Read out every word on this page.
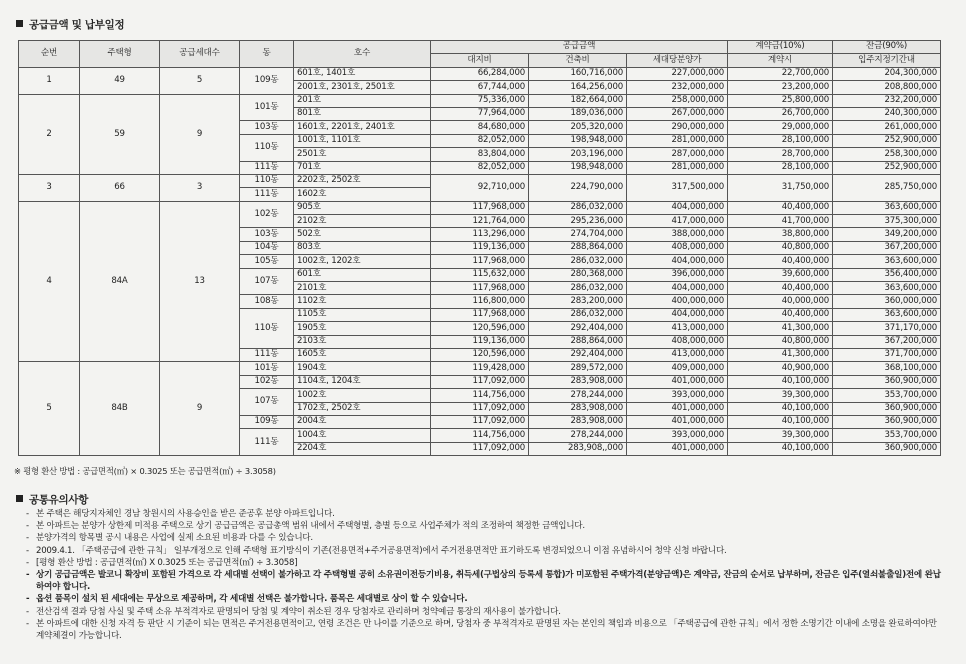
공급금액 및 납부일정
순번	주택형	공급세대수	동	호수	공급금액			계약금(10%)	잔금(90%)
					대지비	건축비	세대당분양가	계약시	입주지정기간내
1	49	5	109동	601호, 1401호	66,284,000	160,716,000	227,000,000	22,700,000	204,300,000
				2001호, 2301호, 2501호	67,744,000	164,256,000	232,000,000	23,200,000	208,800,000
2	59	9	101동	201호	75,336,000	182,664,000	258,000,000	25,800,000	232,200,000
				801호	77,964,000	189,036,000	267,000,000	26,700,000	240,300,000
			103동	1601호, 2201호, 2401호	84,680,000	205,320,000	290,000,000	29,000,000	261,000,000
			110동	1001호, 1101호	82,052,000	198,948,000	281,000,000	28,100,000	252,900,000
				2501호	83,804,000	203,196,000	287,000,000	28,700,000	258,300,000
			111동	701호	82,052,000	198,948,000	281,000,000	28,100,000	252,900,000
3	66	3	110동	2202호, 2502호	92,710,000	224,790,000	317,500,000	31,750,000	285,750,000
			111동	1602호					
4	84A	13	102동	905호	117,968,000	286,032,000	404,000,000	40,400,000	363,600,000
				2102호	121,764,000	295,236,000	417,000,000	41,700,000	375,300,000
			103동	502호	113,296,000	274,704,000	388,000,000	38,800,000	349,200,000
			104동	803호	119,136,000	288,864,000	408,000,000	40,800,000	367,200,000
			105동	1002호, 1202호	117,968,000	286,032,000	404,000,000	40,400,000	363,600,000
			107동	601호	115,632,000	280,368,000	396,000,000	39,600,000	356,400,000
				2101호	117,968,000	286,032,000	404,000,000	40,400,000	363,600,000
			108동	1102호	116,800,000	283,200,000	400,000,000	40,000,000	360,000,000
			110동	1105호	117,968,000	286,032,000	404,000,000	40,400,000	363,600,000
				1905호	120,596,000	292,404,000	413,000,000	41,300,000	371,170,000
				2103호	119,136,000	288,864,000	408,000,000	40,800,000	367,200,000
			111동	1605호	120,596,000	292,404,000	413,000,000	41,300,000	371,700,000
5	84B	9	101동	1904호	119,428,000	289,572,000	409,000,000	40,900,000	368,100,000
			102동	1104호, 1204호	117,092,000	283,908,000	401,000,000	40,100,000	360,900,000
			107동	1002호	114,756,000	278,244,000	393,000,000	39,300,000	353,700,000
				1702호, 2502호	117,092,000	283,908,000	401,000,000	40,100,000	360,900,000
			109동	2004호	117,092,000	283,908,000	401,000,000	40,100,000	360,900,000
			111동	1004호	114,756,000	278,244,000	393,000,000	39,300,000	353,700,000
				2204호	117,092,000	283,908,,000	401,000,000	40,100,000	360,900,000
※ 평형 환산 방법 : 공급면적(㎡) × 0.3025 또는 공급면적(㎡) ÷ 3.3058)
공통유의사항
- 본 주택은 해당지자체인 경남 창원시의 사용승인을 받은 준공후 분양 아파트입니다.
- 본 아파트는 분양가 상한제 미적용 주택으로 상기 공급금액은 공급총액 범위 내에서 주택형별, 층별 등으로 사업주체가 적의 조정하여 책정한 금액입니다.
- 분양가격의 항목별 공시 내용은 사업에 실제 소요된 비용과 다를 수 있습니다.
- 2009.4.1. 「주택공급에 관한 규칙」 일부개정으로 인해 주택형 표기방식이 기존(전용면적+주거공용면적)에서 주거전용면적만 표기하도록 변경되었으니 이점 유념하시어 청약 신청 바랍니다.
- [평형 환산 방법 : 공급면적(㎡) X 0.3025 또는 공급면적(㎡) ÷ 3.3058]
- 상기 공급금액은 발코니 확장비 포함된 가격으로 각 세대별 선택이 불가하고 각 주택형별 공히 소유권이전등기비용, 취득세(구법상의 등록세 통합)가 미포함된 주택가격(분양금액)은 계약금, 잔금의 순서로 납부하며, 잔금은 입주(열쇠불출일)전에 완납하여야 합니다.
- 옵션 품목이 설치 된 세대에는 무상으로 제공하며, 각 세대별 선택은 불가합니다. 품목은 세대별로 상이 할 수 있습니다.
- 전산검색 결과 당첨 사실 및 주택 소유 부적격자로 판명되어 당첨 및 계약이 취소된 경우 당첨자로 관리하며 청약예금 통장의 재사용이 불가합니다.
- 본 아파트에 대한 신청 자격 등 판단 시 기준이 되는 면적은 주거전용면적이고, 연령 조건은 만 나이를 기준으로 하며, 당첨자 중 부적격자로 판명된 자는 본인의 책임과 비용으로 「주택공급에 관한 규칙」에서 정한 소명기간 이내에 소명을 완료하여야만 계약체결이 가능합니다.
